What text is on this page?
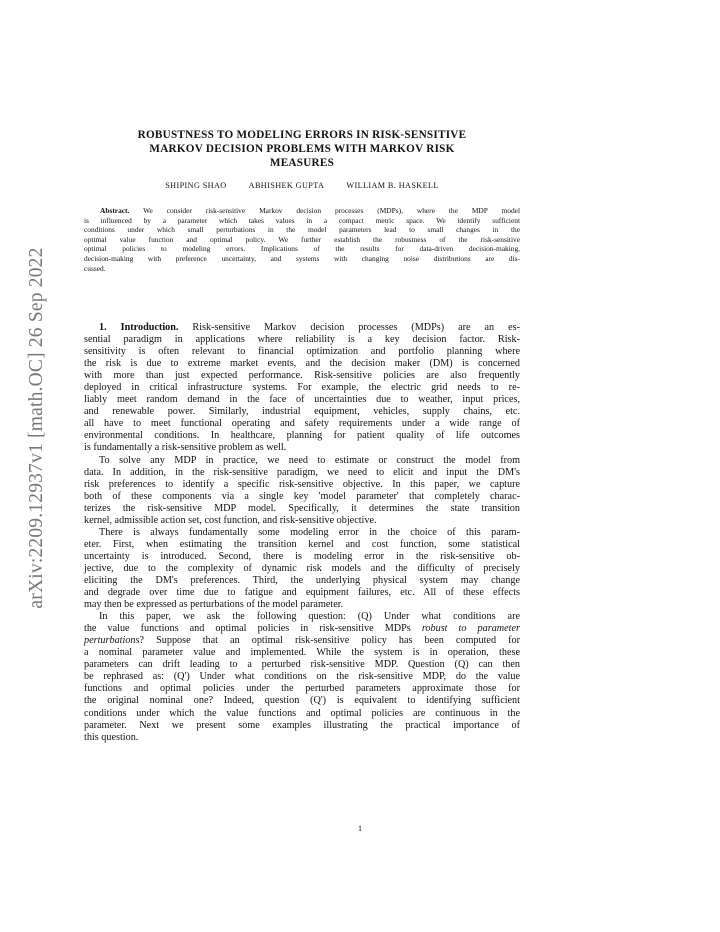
arXiv:2209.12937v1 [math.OC] 26 Sep 2022
ROBUSTNESS TO MODELING ERRORS IN RISK-SENSITIVE
MARKOV DECISION PROBLEMS WITH MARKOV RISK
MEASURES
SHIPING SHAO	ABHISHEK GUPTA	WILLIAM B. HASKELL
Abstract. We consider risk-sensitive Markov decision processes (MDPs), where the MDP model
is influenced by a parameter which takes values in a compact metric space. We identify sufficient
conditions under which small perturbations in the model parameters lead to small changes in the
optimal value function and optimal policy. We further establish the robustness of the risk-sensitive
optimal policies to modeling errors. Implications of the results for data-driven decision-making,
decision-making with preference uncertainty, and systems with changing noise distributions are dis-
cussed.
1. Introduction. Risk-sensitive Markov decision processes (MDPs) are an es-
sential paradigm in applications where reliability is a key decision factor. Risk-
sensitivity is often relevant to financial optimization and portfolio planning where
the risk is due to extreme market events, and the decision maker (DM) is concerned
with more than just expected performance. Risk-sensitive policies are also frequently
deployed in critical infrastructure systems. For example, the electric grid needs to re-
liably meet random demand in the face of uncertainties due to weather, input prices,
and renewable power. Similarly, industrial equipment, vehicles, supply chains, etc.
all have to meet functional operating and safety requirements under a wide range of
environmental conditions. In healthcare, planning for patient quality of life outcomes
is fundamentally a risk-sensitive problem as well.
To solve any MDP in practice, we need to estimate or construct the model from
data. In addition, in the risk-sensitive paradigm, we need to elicit and input the DM's
risk preferences to identify a specific risk-sensitive objective. In this paper, we capture
both of these components via a single key 'model parameter' that completely charac-
terizes the risk-sensitive MDP model. Specifically, it determines the state transition
kernel, admissible action set, cost function, and risk-sensitive objective.
There is always fundamentally some modeling error in the choice of this param-
eter. First, when estimating the transition kernel and cost function, some statistical
uncertainty is introduced. Second, there is modeling error in the risk-sensitive ob-
jective, due to the complexity of dynamic risk models and the difficulty of precisely
eliciting the DM's preferences. Third, the underlying physical system may change
and degrade over time due to fatigue and equipment failures, etc. All of these effects
may then be expressed as perturbations of the model parameter.
In this paper, we ask the following question: (Q) Under what conditions are
the value functions and optimal policies in risk-sensitive MDPs robust to parameter
perturbations? Suppose that an optimal risk-sensitive policy has been computed for
a nominal parameter value and implemented. While the system is in operation, these
parameters can drift leading to a perturbed risk-sensitive MDP. Question (Q) can then
be rephrased as: (Q') Under what conditions on the risk-sensitive MDP, do the value
functions and optimal policies under the perturbed parameters approximate those for
the original nominal one? Indeed, question (Q') is equivalent to identifying sufficient
conditions under which the value functions and optimal policies are continuous in the
parameter. Next we present some examples illustrating the practical importance of
this question.
1
